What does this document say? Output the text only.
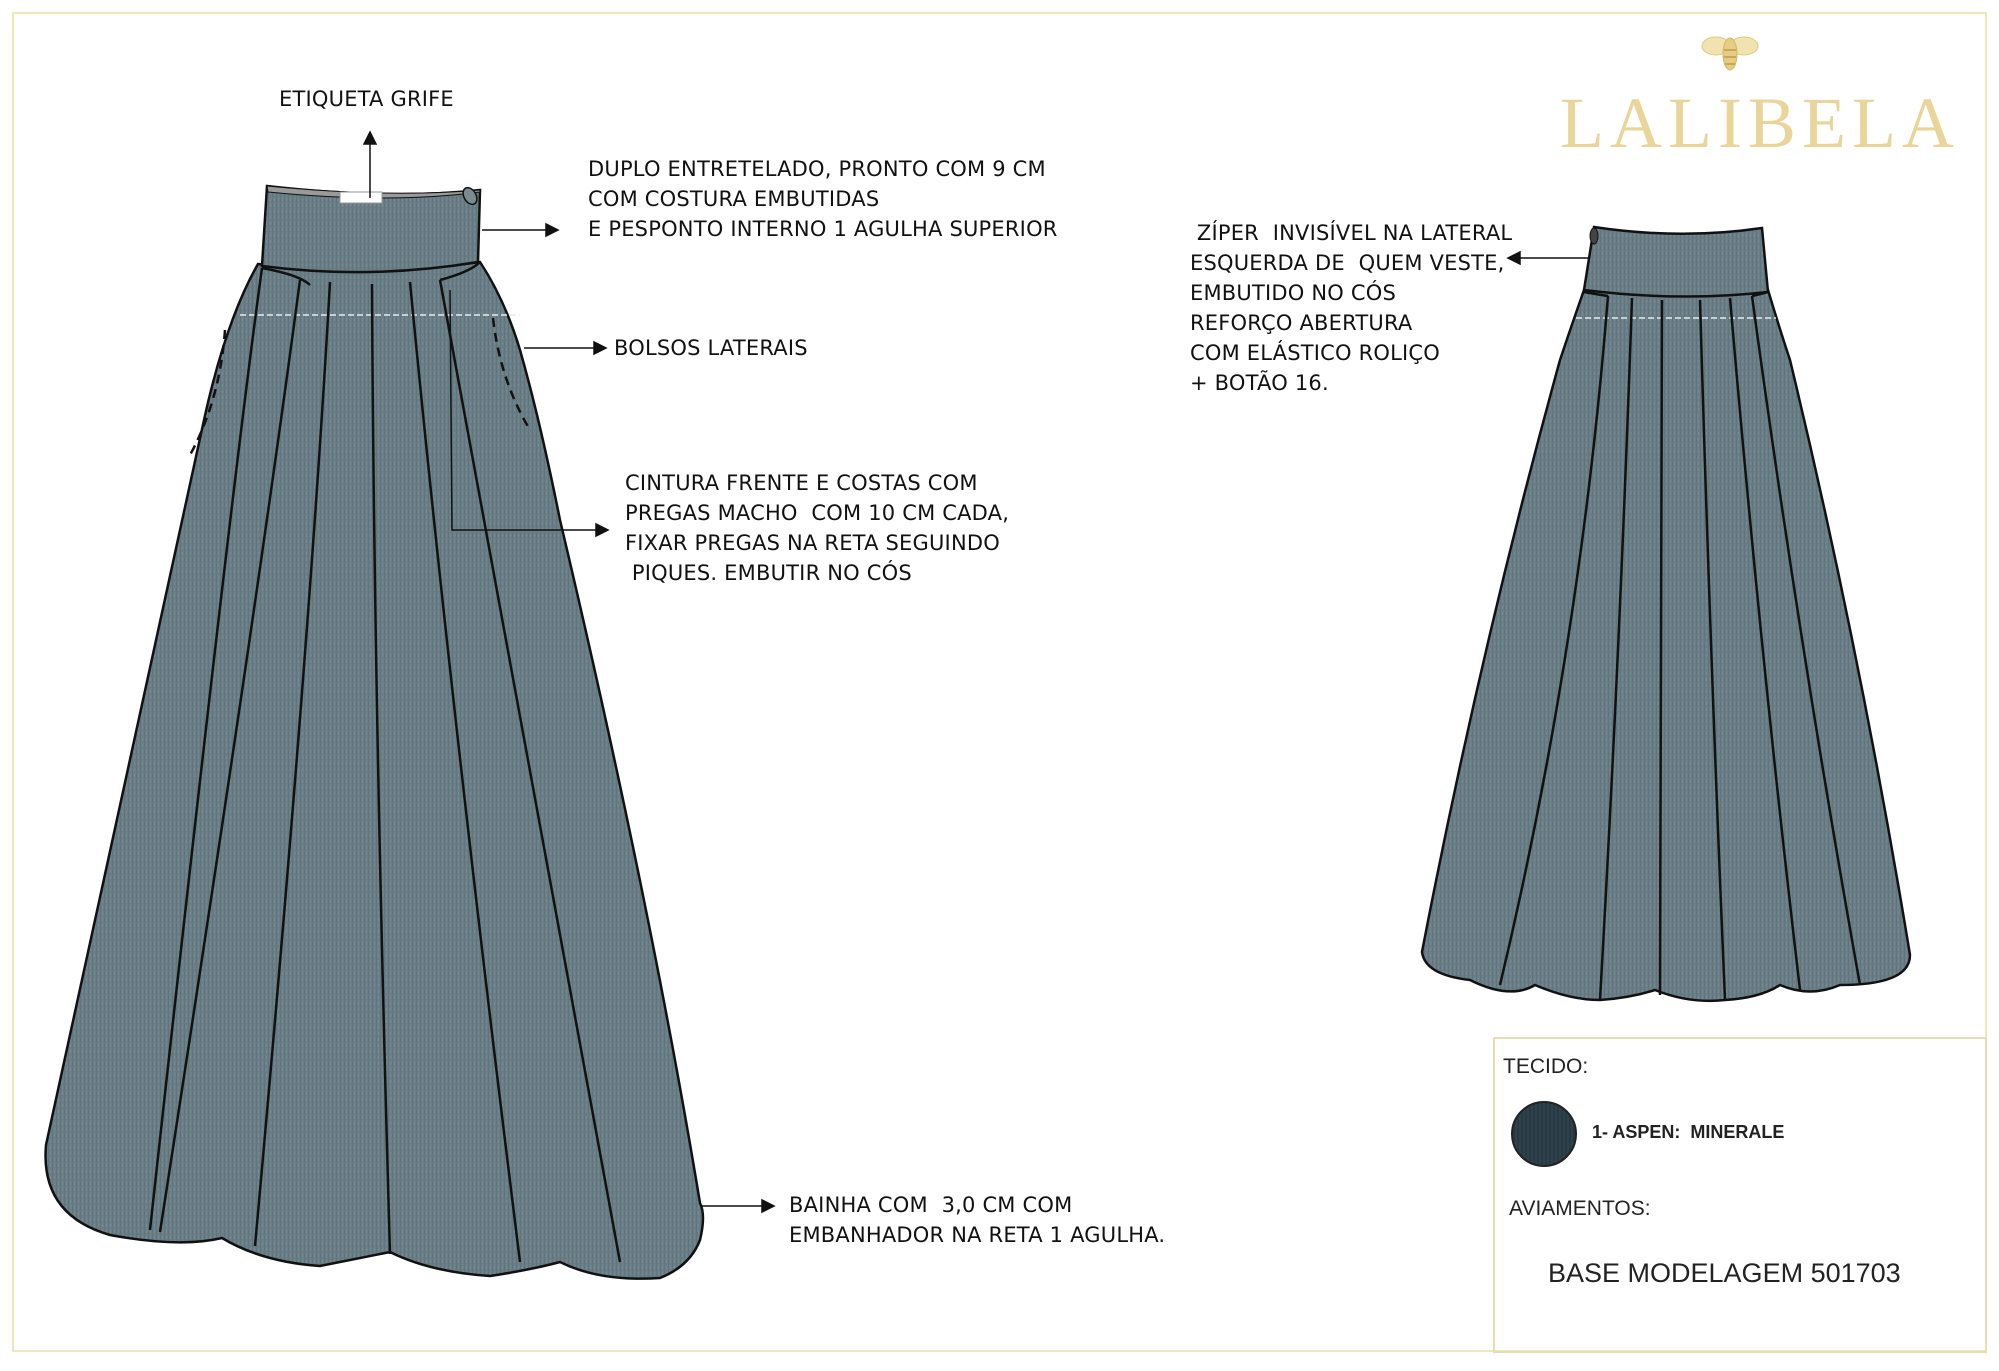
LALIBELA
ETIQUETA GRIFE
DUPLO ENTRETELADO, PRONTO COM 9 CM
COM COSTURA EMBUTIDAS
E PESPONTO INTERNO 1 AGULHA SUPERIOR
BOLSOS LATERAIS
CINTURA FRENTE E COSTAS COM
PREGAS MACHO  COM 10 CM CADA,
FIXAR PREGAS NA RETA SEGUINDO
PIQUES. EMBUTIR NO CÓS
BAINHA COM  3,0 CM COM
EMBANHADOR NA RETA 1 AGULHA.
ZÍPER  INVISÍVEL NA LATERAL
ESQUERDA DE  QUEM VESTE,
EMBUTIDO NO CÓS
REFORÇO ABERTURA
COM ELÁSTICO ROLIÇO
+ BOTÃO 16.
TECIDO:
1- ASPEN:  MINERALE
AVIAMENTOS:
BASE MODELAGEM 501703
